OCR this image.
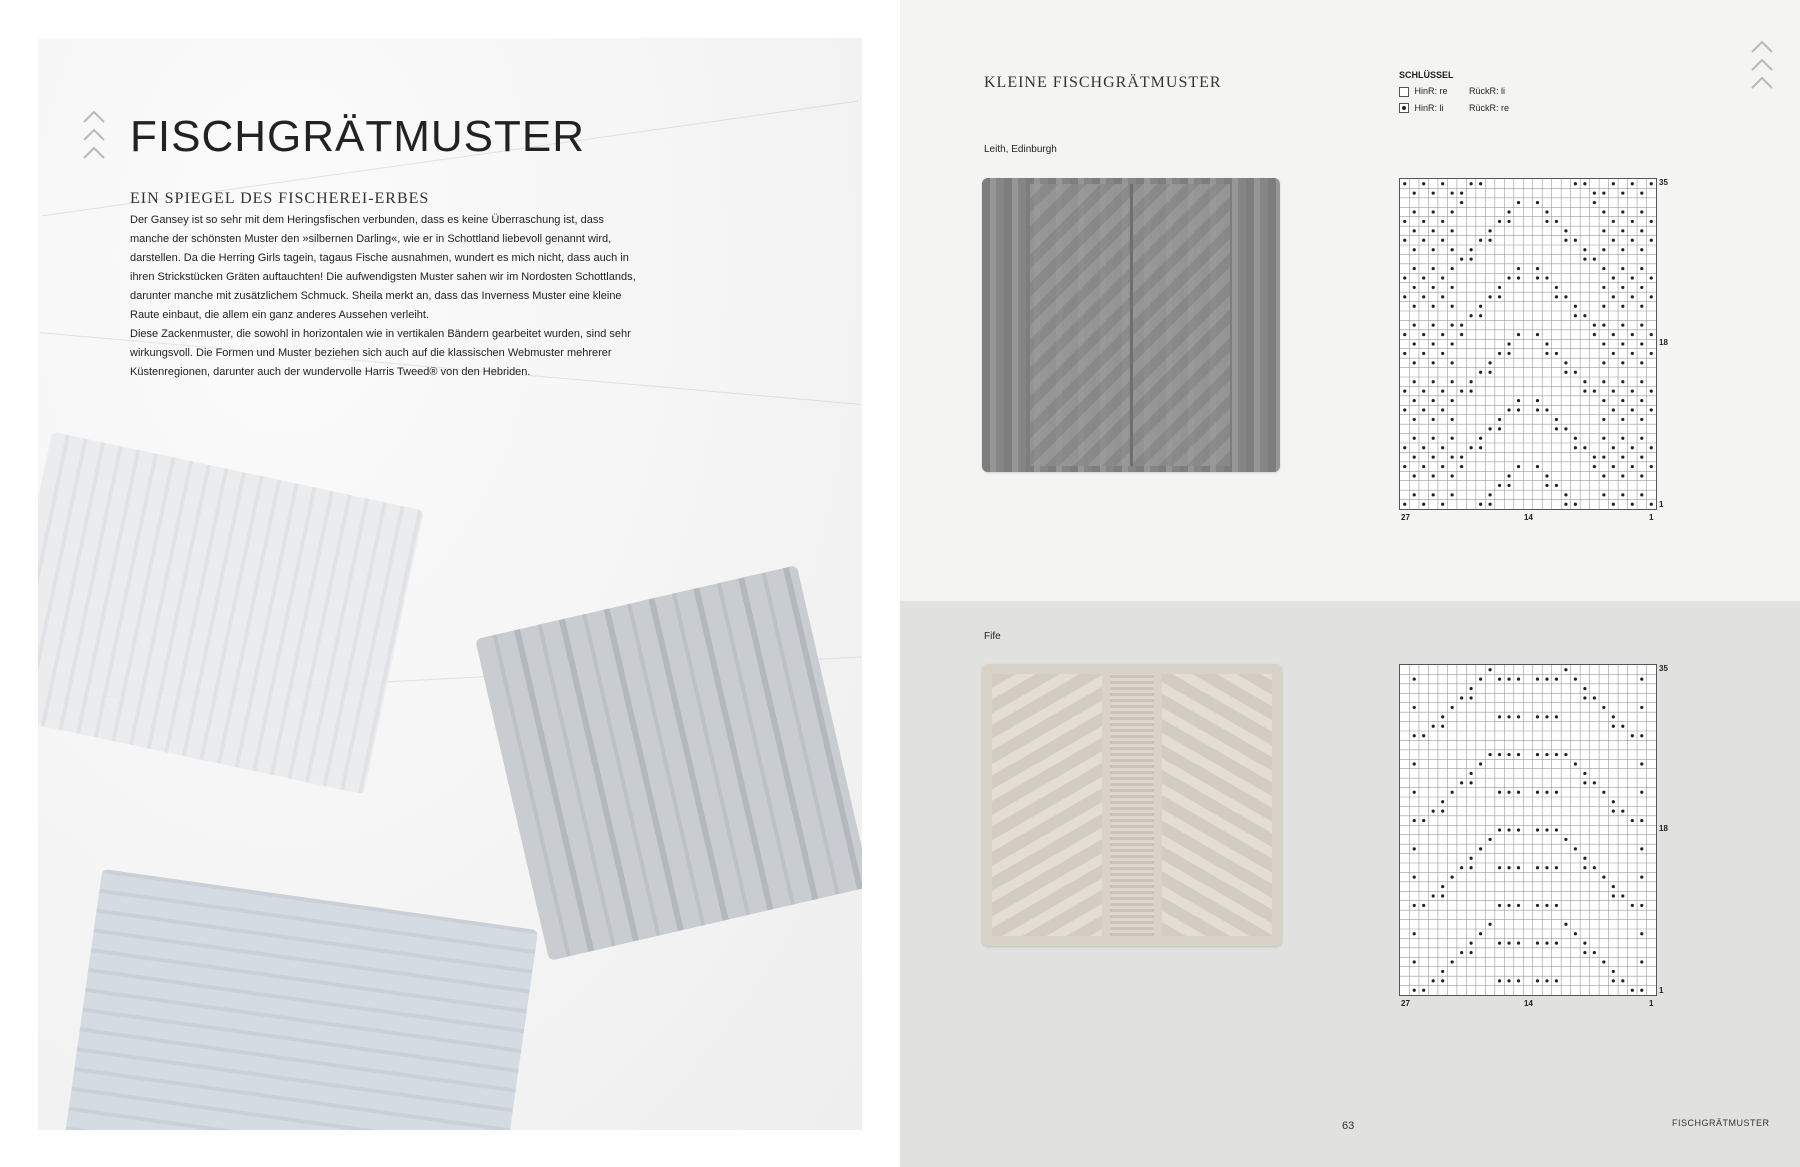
FISCHGRÄTMUSTER
EIN SPIEGEL DES FISCHEREI-ERBES
Der Gansey ist so sehr mit dem Heringsfischen verbunden, dass es keine Überraschung ist, dass
manche der schönsten Muster den »silbernen Darling«, wie er in Schottland liebevoll genannt wird,
darstellen. Da die Herring Girls tagein, tagaus Fische ausnahmen, wundert es mich nicht, dass auch in
ihren Strickstücken Gräten auftauchten! Die aufwendigsten Muster sahen wir im Nordosten Schottlands,
darunter manche mit zusätzlichem Schmuck. Sheila merkt an, dass das Inverness Muster eine kleine
Raute einbaut, die allem ein ganz anderes Aussehen verleiht.
Diese Zackenmuster, die sowohl in horizontalen wie in vertikalen Bändern gearbeitet wurden, sind sehr
wirkungsvoll. Die Formen und Muster beziehen sich auch auf die klassischen Webmuster mehrerer
Küstenregionen, darunter auch der wundervolle Harris Tweed® von den Hebriden.
KLEINE FISCHGRÄTMUSTER	SCHLÜSSEL
HinR: re RückR: li
HinR: li	RückR: re
Leith, Edinburgh
Fife
35
18
1
27	14	1
35
18
1
27	14	1
63	FISCHGRÄTMUSTER
